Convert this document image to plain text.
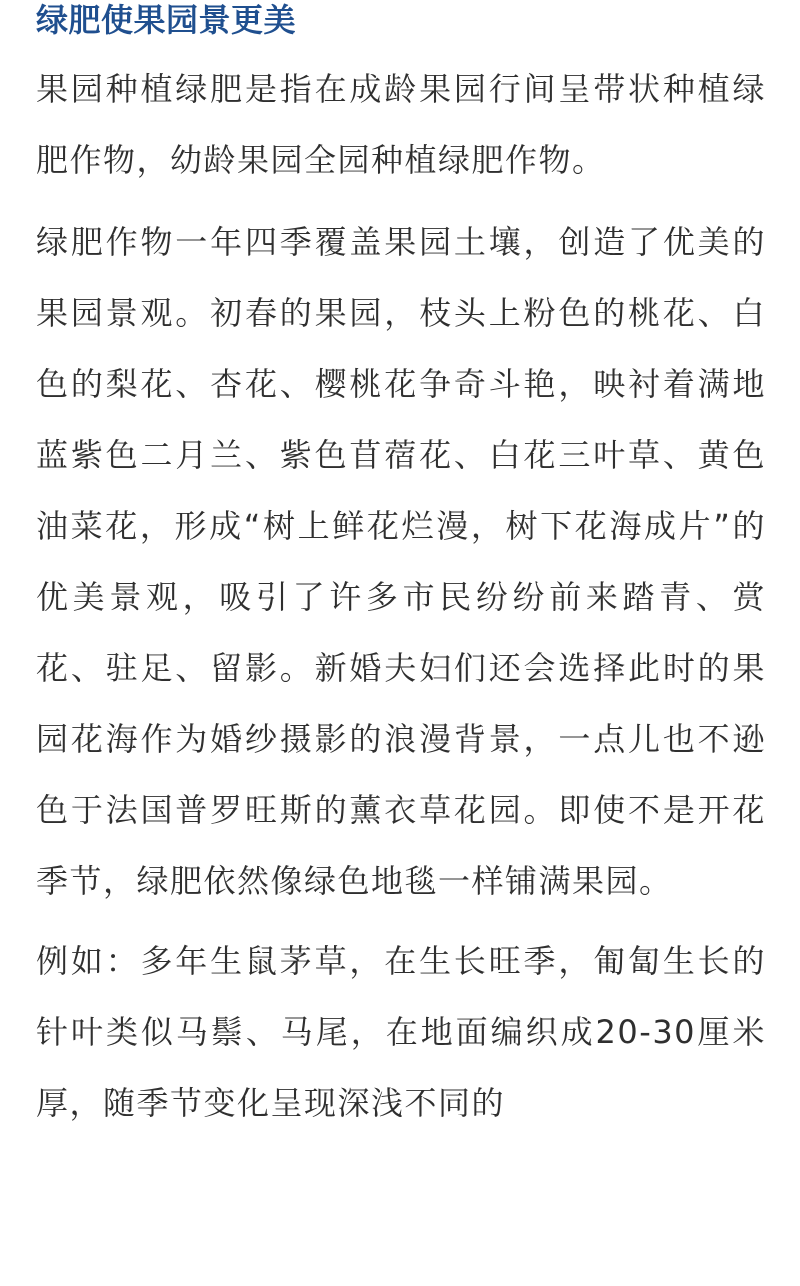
绿肥使果园景更美

果园种植绿肥是指在成龄果园行间呈带状种植绿肥作物，幼龄果园全园种植绿肥作物。

绿肥作物一年四季覆盖果园土壤，创造了优美的果园景观。初春的果园，枝头上粉色的桃花、白色的梨花、杏花、樱桃花争奇斗艳，映衬着满地蓝紫色二月兰、紫色苜蓿花、白花三叶草、黄色油菜花，形成“树上鲜花烂漫，树下花海成片”的优美景观，吸引了许多市民纷纷前来踏青、赏花、驻足、留影。新婚夫妇们还会选择此时的果园花海作为婚纱摄影的浪漫背景，一点儿也不逊色于法国普罗旺斯的薰衣草花园。即使不是开花季节，绿肥依然像绿色地毯一样铺满果园。

例如：多年生鼠茅草，在生长旺季，匍匐生长的针叶类似马鬃、马尾，在地面编织成20-30厘米厚，随季节变化呈现深浅不同的
